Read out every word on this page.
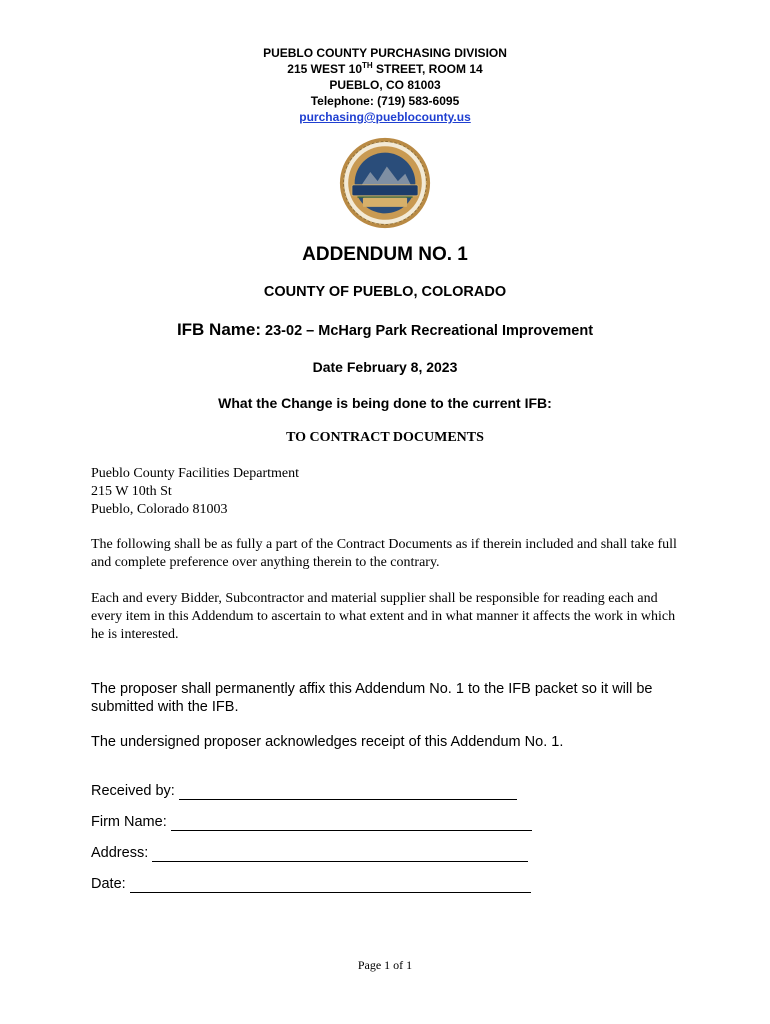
PUEBLO COUNTY PURCHASING DIVISION
215 WEST 10TH STREET, ROOM 14
PUEBLO, CO 81003
Telephone: (719) 583-6095
purchasing@pueblocounty.us
ADDENDUM NO. 1
COUNTY OF PUEBLO, COLORADO
IFB Name: 23-02 – McHarg Park Recreational Improvement
Date February 8, 2023
What the Change is being done to the current IFB:
TO CONTRACT DOCUMENTS
Pueblo County Facilities Department
215 W 10th St
Pueblo, Colorado 81003
The following shall be as fully a part of the Contract Documents as if therein included and shall take full and complete preference over anything therein to the contrary.
Each and every Bidder, Subcontractor and material supplier shall be responsible for reading each and every item in this Addendum to ascertain to what extent and in what manner it affects the work in which he is interested.
The proposer shall permanently affix this Addendum No. 1 to the IFB packet so it will be submitted with the IFB.
The undersigned proposer acknowledges receipt of this Addendum No. 1.
Received by:
Firm Name:
Address:
Date:
Page 1 of 1
